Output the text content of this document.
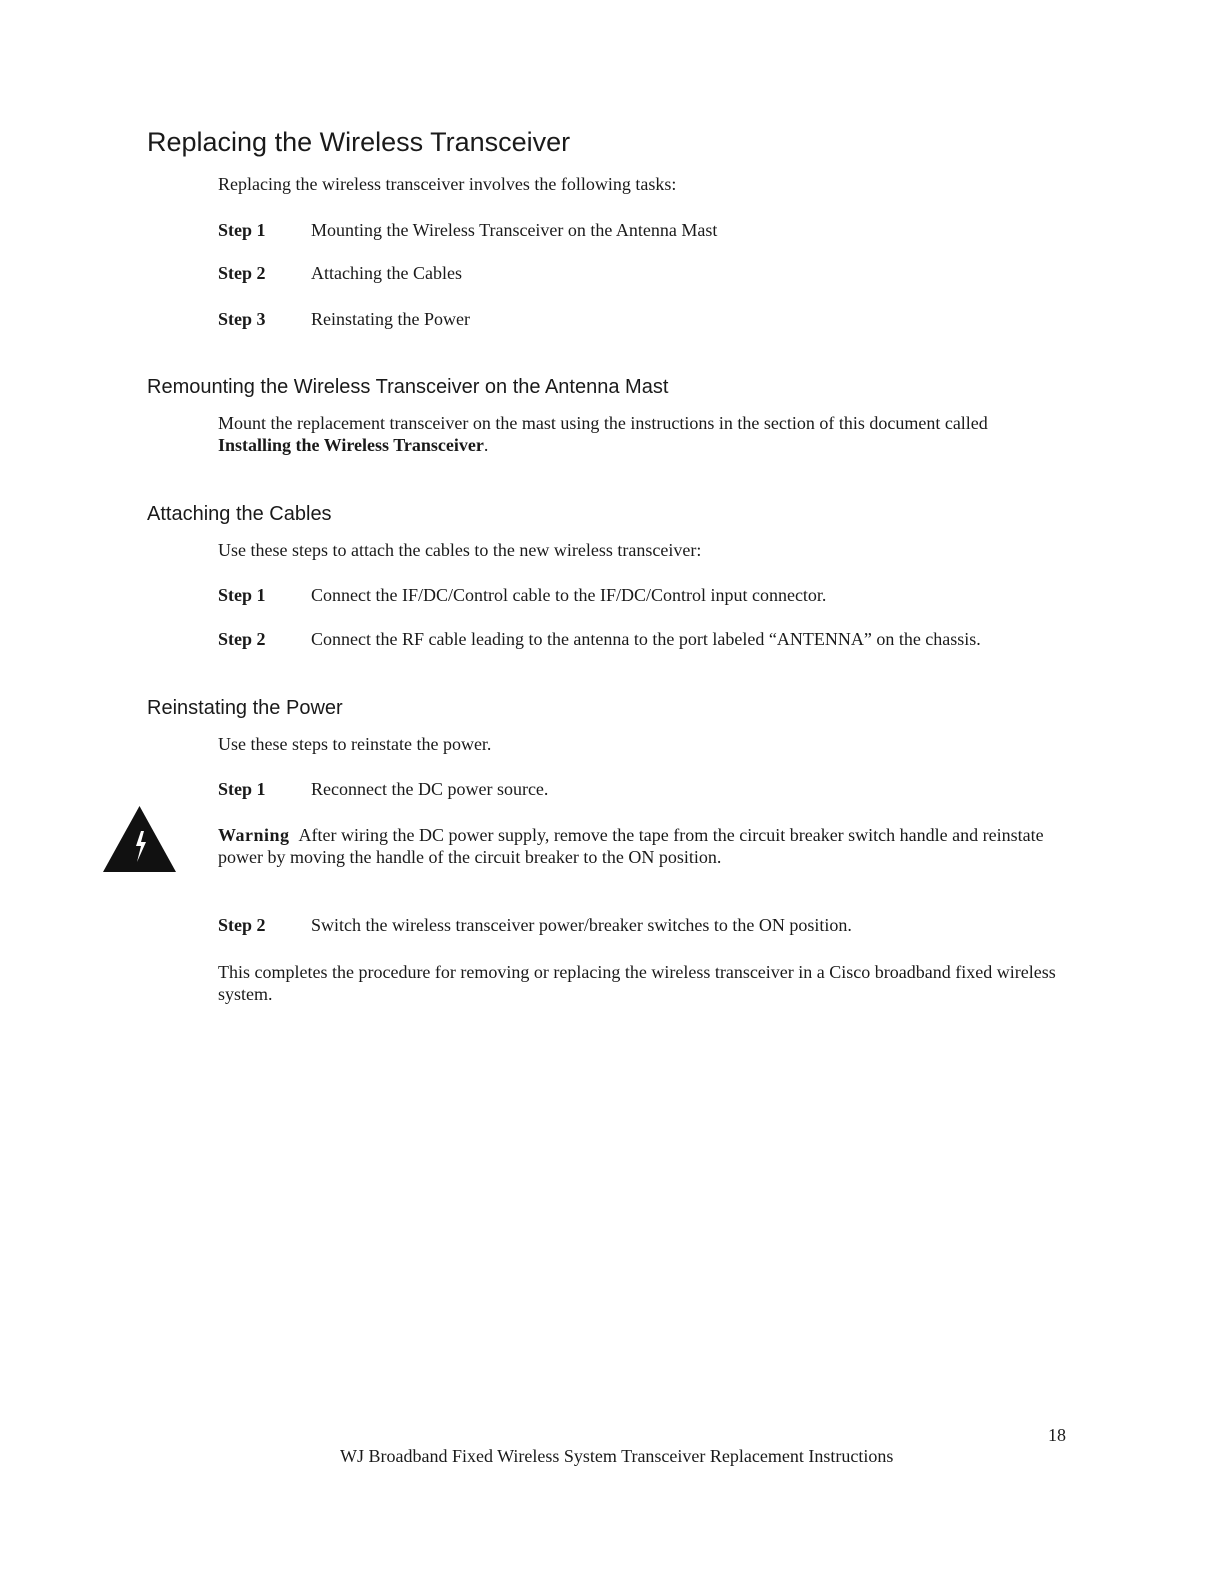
Replacing the Wireless Transceiver
Replacing the wireless transceiver involves the following tasks:
Step 1	Mounting the Wireless Transceiver on the Antenna Mast
Step 2	Attaching the Cables
Step 3	Reinstating the Power
Remounting the Wireless Transceiver on the Antenna Mast
Mount the replacement transceiver on the mast using the instructions in the section of this document called
Installing the Wireless Transceiver.
Attaching the Cables
Use these steps to attach the cables to the new wireless transceiver:
Step 1	Connect the IF/DC/Control cable to the IF/DC/Control input connector.
Step 2	Connect the RF cable leading to the antenna to the port labeled “ANTENNA” on the chassis.
Reinstating the Power
Use these steps to reinstate the power.
Step 1	Reconnect the DC power source.
Warning After wiring the DC power supply, remove the tape from the circuit breaker switch handle and reinstate power by moving the handle of the circuit breaker to the ON position.
Step 2	Switch the wireless transceiver power/breaker switches to the ON position.
This completes the procedure for removing or replacing the wireless transceiver in a Cisco broadband fixed wireless system.
18
WJ Broadband Fixed Wireless System Transceiver Replacement Instructions
